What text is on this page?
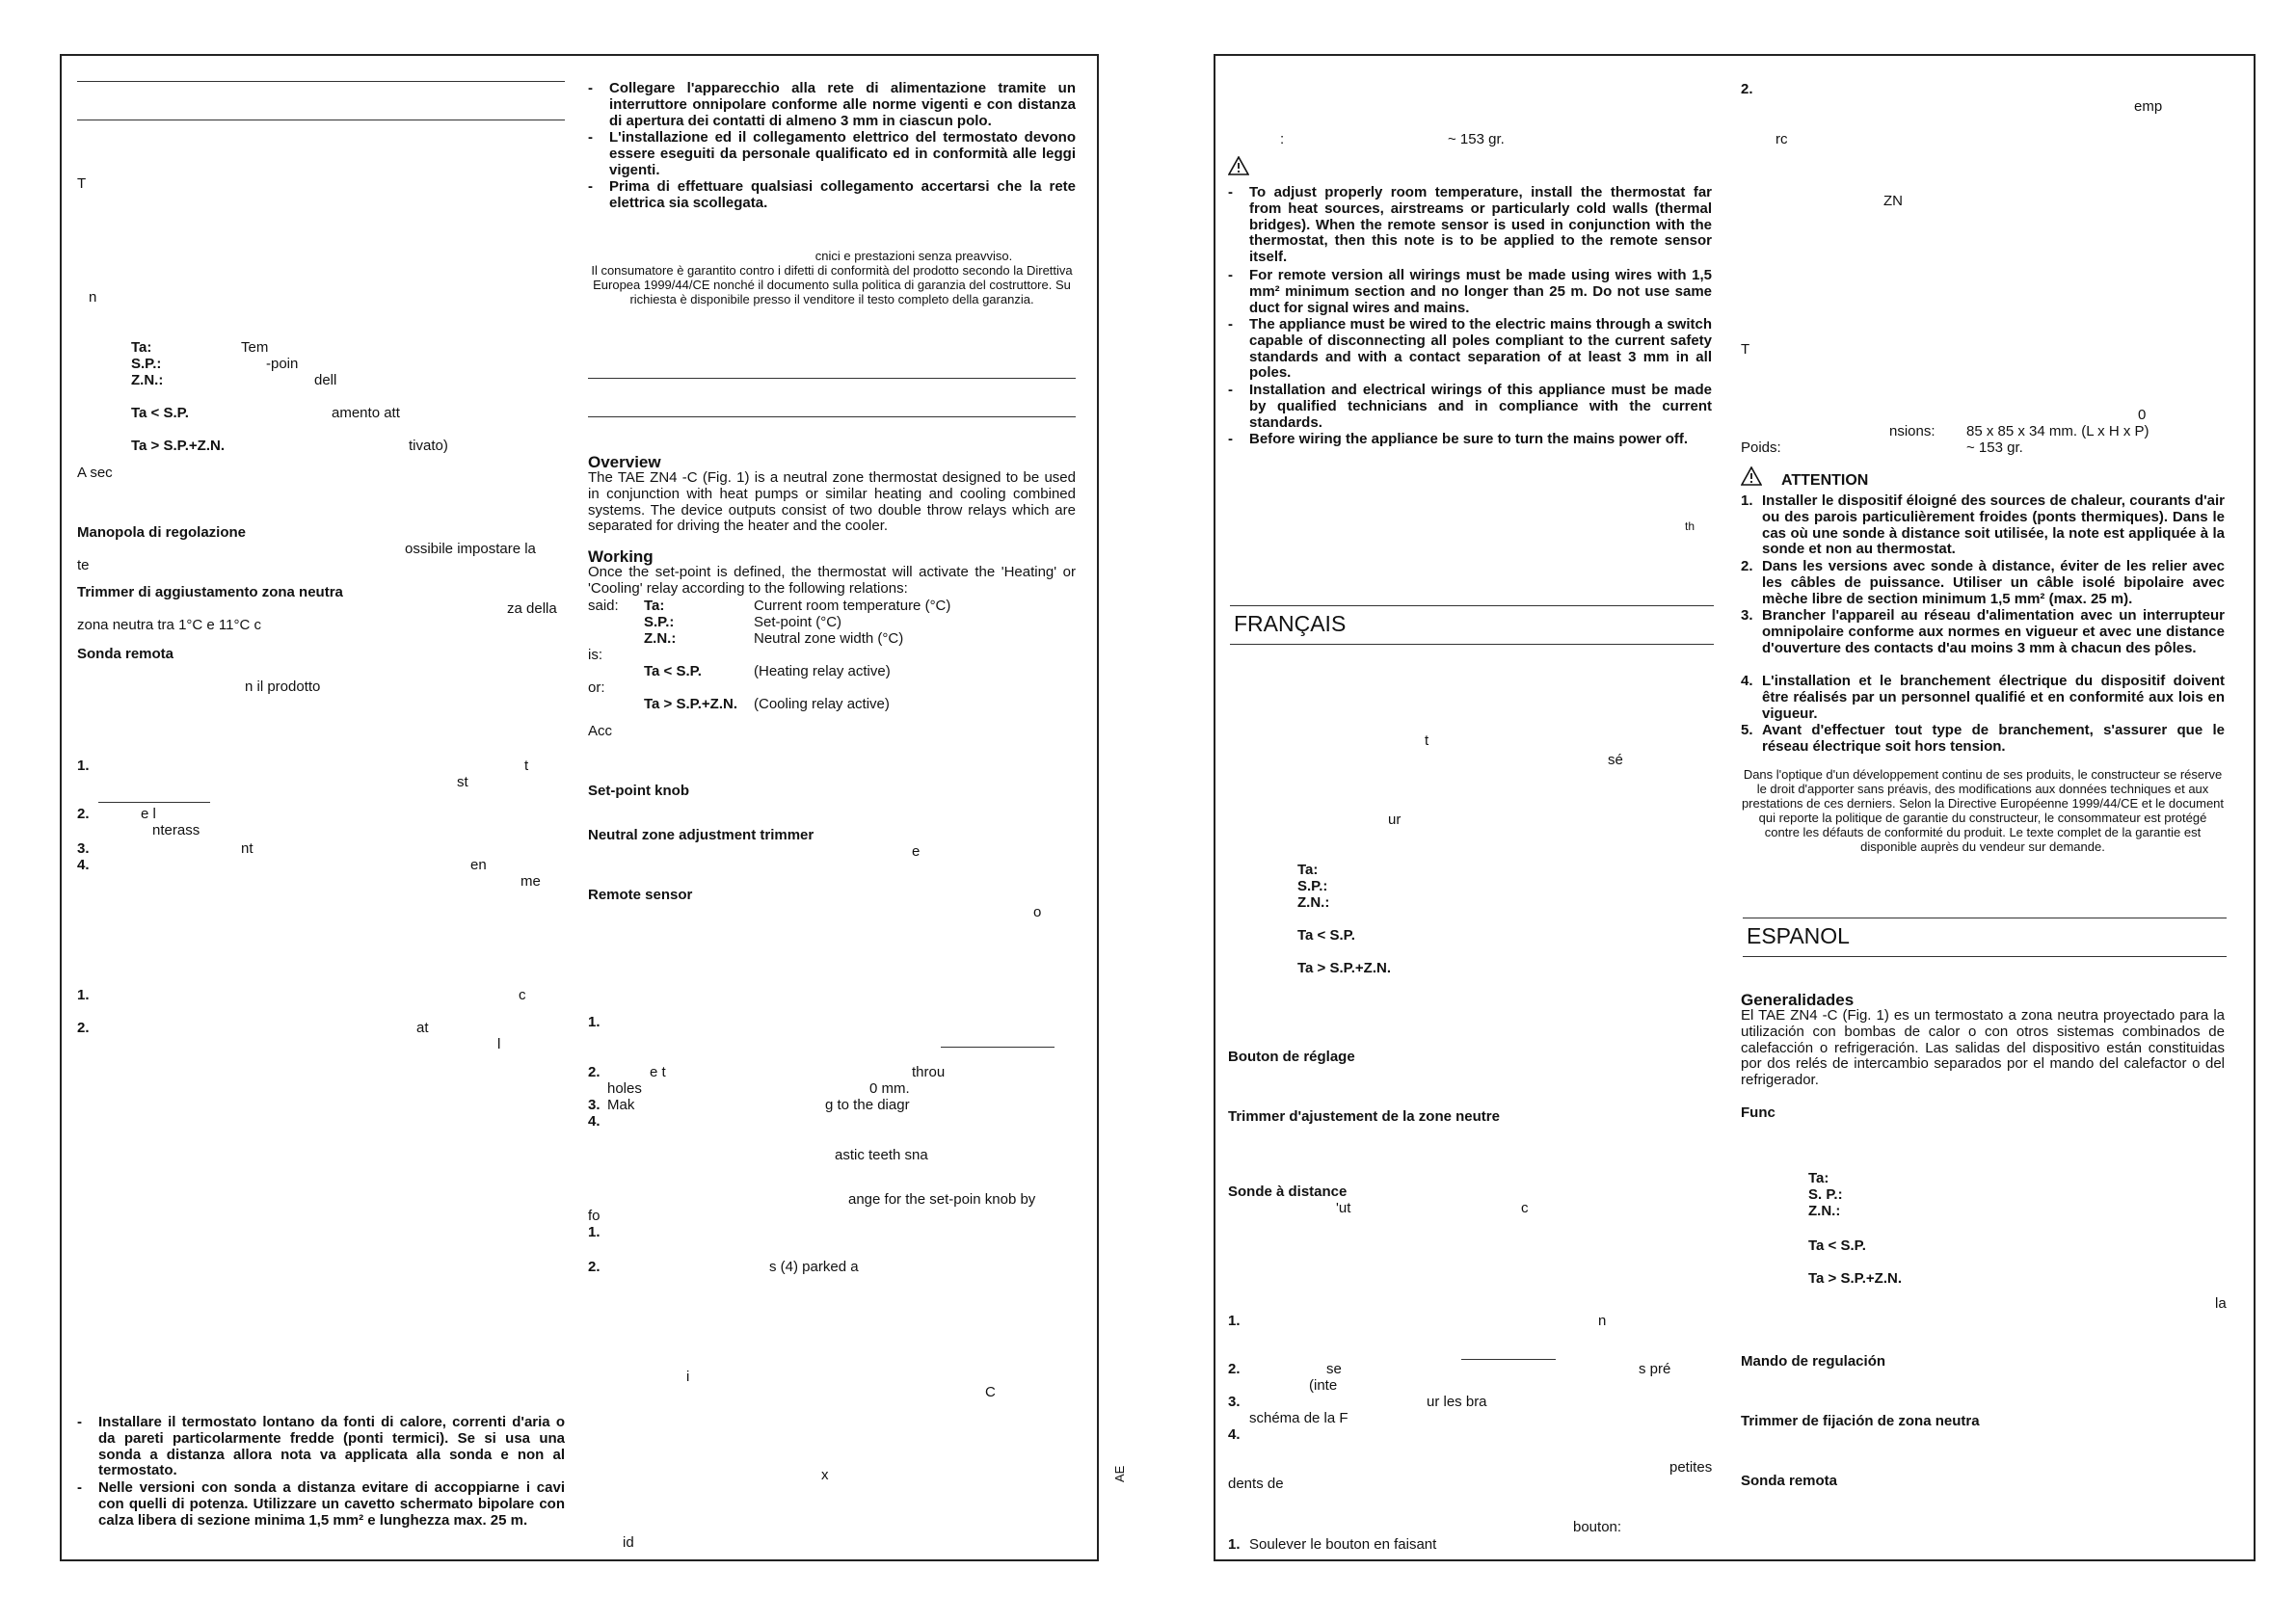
T
n
Ta:	Tem
S.P.:	-poin
Z.N.:	dell
Ta < S.P.	amento att
Ta > S.P.+Z.N.	tivato)
A sec
Manopola di regolazione
ossibile impostare la
te
Trimmer di aggiustamento zona neutra
za della
zona neutra tra 1°C e 11°C c
Sonda remota
n il prodotto
1.	t
st
2.	e l
nterass
3.	nt
4.	en
me
1.	c
2.	at
l
- Installare il termostato lontano da fonti di calore, correnti d'aria o da pareti particolarmente fredde (ponti termici). Se si usa una sonda a distanza allora nota va applicata alla sonda e non al termostato.
- Nelle versioni con sonda a distanza evitare di accoppiarne i cavi con quelli di potenza. Utilizzare un cavetto schermato bipolare con calza libera di sezione minima 1,5 mm² e lunghezza max. 25 m.
- Collegare l'apparecchio alla rete di alimentazione tramite un interruttore onnipolare conforme alle norme vigenti e con distanza di apertura dei contatti di almeno 3 mm in ciascun polo.
- L'installazione ed il collegamento elettrico del termostato devono essere eseguiti da personale qualificato ed in conformità alle leggi vigenti.
- Prima di effettuare qualsiasi collegamento accertarsi che la rete elettrica sia scollegata.
cnici e prestazioni senza preavviso.
Il consumatore è garantito contro i difetti di conformità del prodotto secondo la Direttiva Europea 1999/44/CE nonché il documento sulla politica di garanzia del costruttore. Su richiesta è disponibile presso il venditore il testo completo della garanzia.
Overview
The TAE ZN4 -C (Fig. 1) is a neutral zone thermostat designed to be used in conjunction with heat pumps or similar heating and cooling combined systems. The device outputs consist of two double throw relays which are separated for driving the heater and the cooler.
Working
Once the set-point is defined, the thermostat will activate the 'Heating' or 'Cooling' relay according to the following relations:
said: Ta:	Current room temperature (°C)
S.P.:	Set-point (°C)
Z.N.:	Neutral zone width (°C)
is:
Ta < S.P.	(Heating relay active)
or:
Ta > S.P.+Z.N. (Cooling relay active)
Acc
Set-point knob
Neutral zone adjustment trimmer
e
Remote sensor
o
1.
2.	e t	throu
holes	0 mm.
3. Mak	g to the diagr
4.
astic teeth sna
ange for the set-poin knob by
fo
1.
2.	s (4) parked a
i
C
x
id
AE
:	~ 153 gr.
- To adjust properly room temperature, install the thermostat far from heat sources, airstreams or particularly cold walls (thermal bridges). When the remote sensor is used in conjunction with the thermostat, then this note is to be applied to the remote sensor itself.
- For remote version all wirings must be made using wires with 1,5 mm² minimum section and no longer than 25 m. Do not use same duct for signal wires and mains.
- The appliance must be wired to the electric mains through a switch capable of disconnecting all poles compliant to the current safety standards and with a contact separation of at least 3 mm in all poles.
- Installation and electrical wirings of this appliance must be made by qualified technicians and in compliance with the current standards.
- Before wiring the appliance be sure to turn the mains power off.
th
FRANÇAIS
t
sé
ur
Ta:
S.P.:
Z.N.:
Ta < S.P.
Ta > S.P.+Z.N.
Bouton de réglage
Trimmer d'ajustement de la zone neutre
Sonde à distance
'ut	c
1.	n
2.	se	s pré
(inte
3.	ur les bra
schéma de la F
4.
petites
dents de
bouton:
1. Soulever le bouton en faisant
2.
emp
rc
ZN
T
0
nsions: 85 x 85 x 34 mm. (L x H x P)
Poids:	~ 153 gr.
ATTENTION
1. Installer le dispositif éloigné des sources de chaleur, courants d'air ou des parois particulièrement froides (ponts thermiques). Dans le cas où une sonde à distance soit utilisée, la note est appliquée à la sonde et non au thermostat.
2. Dans les versions avec sonde à distance, éviter de les relier avec les câbles de puissance. Utiliser un câble isolé bipolaire avec mèche libre de section minimum 1,5 mm² (max. 25 m).
3. Brancher l'appareil au réseau d'alimentation avec un interrupteur omnipolaire conforme aux normes en vigueur et avec une distance d'ouverture des contacts d'au moins 3 mm à chacun des pôles.
4. L'installation et le branchement électrique du dispositif doivent être réalisés par un personnel qualifié et en conformité aux lois en vigueur.
5. Avant d'effectuer tout type de branchement, s'assurer que le réseau électrique soit hors tension.
Dans l'optique d'un développement continu de ses produits, le constructeur se réserve le droit d'apporter sans préavis, des modifications aux données techniques et aux prestations de ces derniers. Selon la Directive Européenne 1999/44/CE et le document qui reporte la politique de garantie du constructeur, le consommateur est protégé contre les défauts de conformité du produit. Le texte complet de la garantie est disponible auprès du vendeur sur demande.
ESPANOL
Generalidades
El TAE ZN4 -C (Fig. 1) es un termostato a zona neutra proyectado para la utilización con bombas de calor o con otros sistemas combinados de calefacción o refrigeración. Las salidas del dispositivo están constituidas por dos relés de intercambio separados por el mando del calefactor o del refrigerador.
Func
Ta:
S. P.:
Z.N.:
Ta < S.P.
Ta > S.P.+Z.N.
la
Mando de regulación
Trimmer de fijación de zona neutra
Sonda remota
